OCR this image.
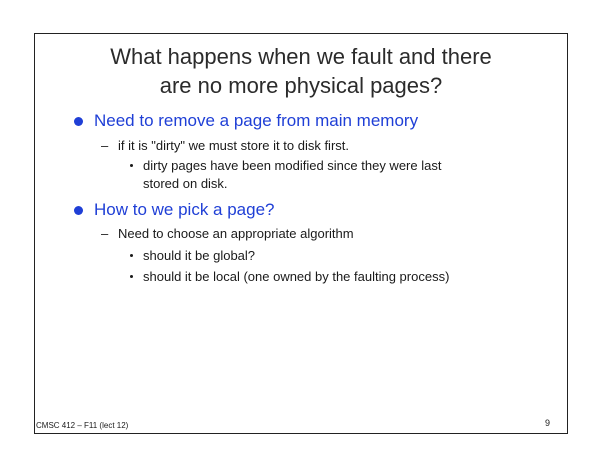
What happens when we fault and there
are no more physical pages?
Need to remove a page from main memory
– if it is "dirty" we must store it to disk first.
dirty pages have been modified since they were last
stored on disk.
How to we pick a page?
– Need to choose an appropriate algorithm
should it be global?
should it be local (one owned by the faulting process)
CMSC 412 – F11 (lect 12)	9
